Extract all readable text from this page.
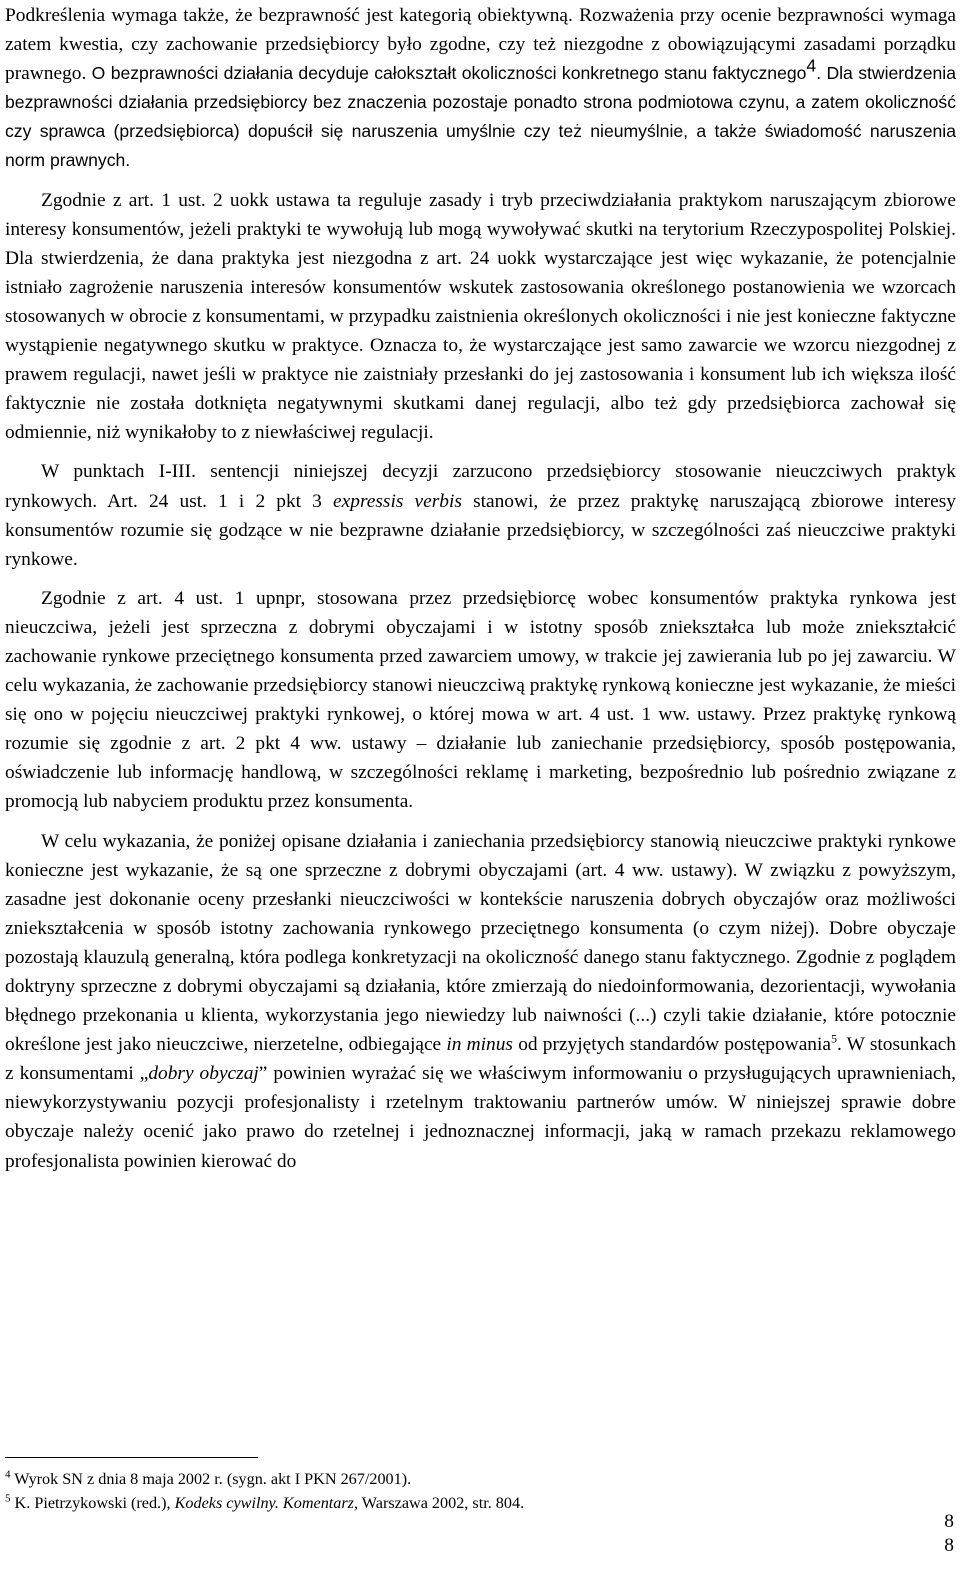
Podkreślenia wymaga także, że bezprawność jest kategorią obiektywną. Rozważenia przy ocenie bezprawności wymaga zatem kwestia, czy zachowanie przedsiębiorcy było zgodne, czy też niezgodne z obowiązującymi zasadami porządku prawnego. O bezprawności działania decyduje całokształt okoliczności konkretnego stanu faktycznego$^4$. Dla stwierdzenia bezprawności działania przedsiębiorcy bez znaczenia pozostaje ponadto strona podmiotowa czynu, a zatem okoliczność czy sprawca (przedsiębiorca) dopuścił się naruszenia umyślnie czy też nieumyślnie, a także świadomość naruszenia norm prawnych.

Zgodnie z art. 1 ust. 2 uokk ustawa ta reguluje zasady i tryb przeciwdziałania praktykom naruszającym zbiorowe interesy konsumentów, jeżeli praktyki te wywołują lub mogą wywoływać skutki na terytorium Rzeczypospolitej Polskiej. Dla stwierdzenia, że dana praktyka jest niezgodna z art. 24 uokk wystarczające jest więc wykazanie, że potencjalnie istniało zagrożenie naruszenia interesów konsumentów wskutek zastosowania określonego postanowienia we wzorcach stosowanych w obrocie z konsumentami, w przypadku zaistnienia określonych okoliczności i nie jest konieczne faktyczne wystąpienie negatywnego skutku w praktyce. Oznacza to, że wystarczające jest samo zawarcie we wzorcu niezgodnej z prawem regulacji, nawet jeśli w praktyce nie zaistniały przesłanki do jej zastosowania i konsument lub ich większa ilość faktycznie nie została dotknięta negatywnymi skutkami danej regulacji, albo też gdy przedsiębiorca zachował się odmiennie, niż wynikałoby to z niewłaściwej regulacji.

W punktach I-III. sentencji niniejszej decyzji zarzucono przedsiębiorcy stosowanie nieuczciwych praktyk rynkowych. Art. 24 ust. 1 i 2 pkt 3 expressis verbis stanowi, że przez praktykę naruszającą zbiorowe interesy konsumentów rozumie się godzące w nie bezprawne działanie przedsiębiorcy, w szczególności zaś nieuczciwe praktyki rynkowe.

Zgodnie z art. 4 ust. 1 upnpr, stosowana przez przedsiębiorcę wobec konsumentów praktyka rynkowa jest nieuczciwa, jeżeli jest sprzeczna z dobrymi obyczajami i w istotny sposób zniekształca lub może zniekształcić zachowanie rynkowe przeciętnego konsumenta przed zawarciem umowy, w trakcie jej zawierania lub po jej zawarciu. W celu wykazania, że zachowanie przedsiębiorcy stanowi nieuczciwą praktykę rynkową konieczne jest wykazanie, że mieści się ono w pojęciu nieuczciwej praktyki rynkowej, o której mowa w art. 4 ust. 1 ww. ustawy. Przez praktykę rynkową rozumie się zgodnie z art. 2 pkt 4 ww. ustawy – działanie lub zaniechanie przedsiębiorcy, sposób postępowania, oświadczenie lub informację handlową, w szczególności reklamę i marketing, bezpośrednio lub pośrednio związane z promocją lub nabyciem produktu przez konsumenta.

W celu wykazania, że poniżej opisane działania i zaniechania przedsiębiorcy stanowią nieuczciwe praktyki rynkowe konieczne jest wykazanie, że są one sprzeczne z dobrymi obyczajami (art. 4 ww. ustawy). W związku z powyższym, zasadne jest dokonanie oceny przesłanki nieuczciwości w kontekście naruszenia dobrych obyczajów oraz możliwości zniekształcenia w sposób istotny zachowania rynkowego przeciętnego konsumenta (o czym niżej). Dobre obyczaje pozostają klauzulą generalną, która podlega konkretyzacji na okoliczność danego stanu faktycznego. Zgodnie z poglądem doktryny sprzeczne z dobrymi obyczajami są działania, które zmierzają do niedoinformowania, dezorientacji, wywołania błędnego przekonania u klienta, wykorzystania jego niewiedzy lub naiwności (...) czyli takie działanie, które potocznie określone jest jako nieuczciwe, nierzetelne, odbiegające in minus od przyjętych standardów postępowania$^5$. W stosunkach z konsumentami „dobry obyczaj” powinien wyrażać się we właściwym informowaniu o przysługujących uprawnieniach, niewykorzystywaniu pozycji profesjonalisty i rzetelnym traktowaniu partnerów umów. W niniejszej sprawie dobre obyczaje należy ocenić jako prawo do rzetelnej i jednoznacznej informacji, jaką w ramach przekazu reklamowego profesjonalista powinien kierować do

$^4$ Wyrok SN z dnia 8 maja 2002 r. (sygn. akt I PKN 267/2001).

$^5$ K. Pietrzykowski (red.), Kodeks cywilny. Komentarz, Warszawa 2002, str. 804.

8
8
